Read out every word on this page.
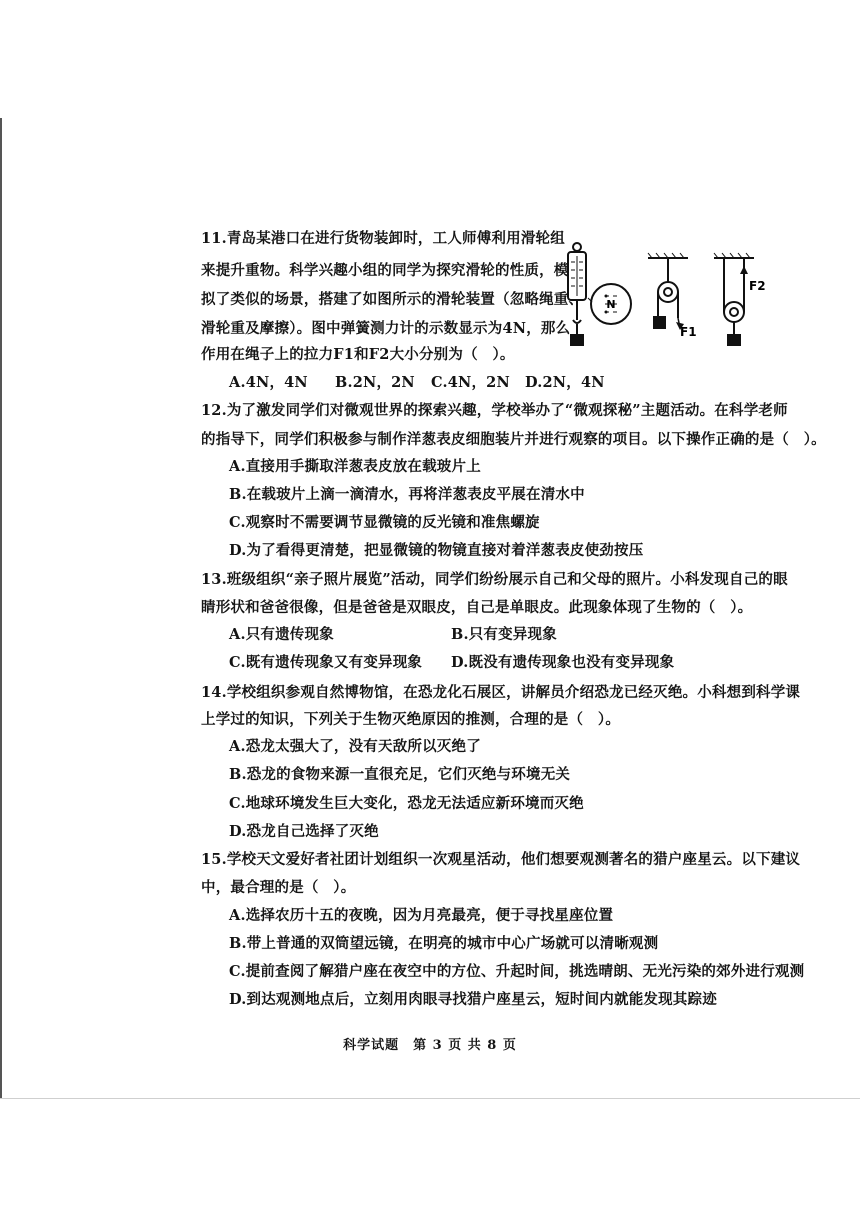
11.青岛某港口在进行货物装卸时，工人师傅利用滑轮组
来提升重物。科学兴趣小组的同学为探究滑轮的性质，模
拟了类似的场景，搭建了如图所示的滑轮装置（忽略绳重、
滑轮重及摩擦）。图中弹簧测力计的示数显示为4N，那么
作用在绳子上的拉力F1和F2大小分别为（　）。
A.4N，4N B.2N，2N C.4N，2N D.2N，4N
N
F1
F2
12.为了激发同学们对微观世界的探索兴趣，学校举办了“微观探秘”主题活动。在科学老师
的指导下，同学们积极参与制作洋葱表皮细胞装片并进行观察的项目。以下操作正确的是（　）。
A.直接用手撕取洋葱表皮放在载玻片上
B.在载玻片上滴一滴清水，再将洋葱表皮平展在清水中
C.观察时不需要调节显微镜的反光镜和准焦螺旋
D.为了看得更清楚，把显微镜的物镜直接对着洋葱表皮使劲按压
13.班级组织“亲子照片展览”活动，同学们纷纷展示自己和父母的照片。小科发现自己的眼
睛形状和爸爸很像，但是爸爸是双眼皮，自己是单眼皮。此现象体现了生物的（　）。
A.只有遗传现象	B.只有变异现象
C.既有遗传现象又有变异现象 D.既没有遗传现象也没有变异现象
14.学校组织参观自然博物馆，在恐龙化石展区，讲解员介绍恐龙已经灭绝。小科想到科学课
上学过的知识，下列关于生物灭绝原因的推测，合理的是（　）。
A.恐龙太强大了，没有天敌所以灭绝了
B.恐龙的食物来源一直很充足，它们灭绝与环境无关
C.地球环境发生巨大变化，恐龙无法适应新环境而灭绝
D.恐龙自己选择了灭绝
15.学校天文爱好者社团计划组织一次观星活动，他们想要观测著名的猎户座星云。以下建议
中，最合理的是（　）。
A.选择农历十五的夜晚，因为月亮最亮，便于寻找星座位置
B.带上普通的双筒望远镜，在明亮的城市中心广场就可以清晰观测
C.提前查阅了解猎户座在夜空中的方位、升起时间，挑选晴朗、无光污染的郊外进行观测
D.到达观测地点后，立刻用肉眼寻找猎户座星云，短时间内就能发现其踪迹
科学试题　第 3 页 共 8 页
